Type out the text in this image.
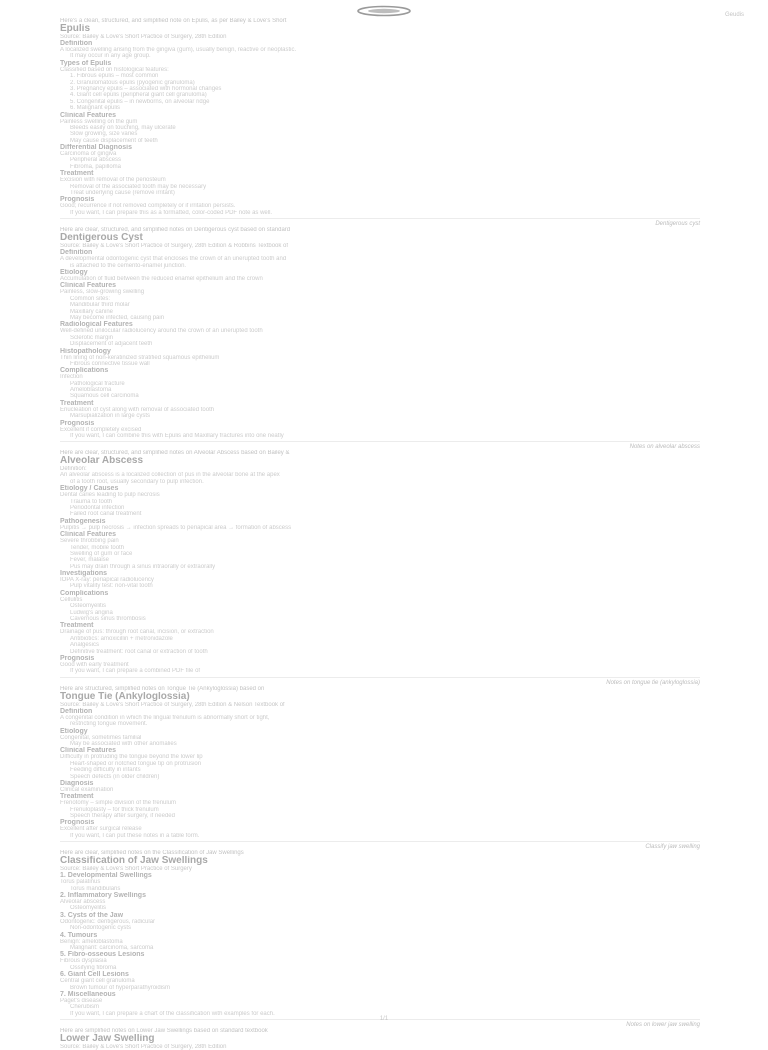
Geudis
Here's a clean, structured, and simplified note on Epulis, as per Bailey & Love's Short
Epulis
Source: Bailey & Love's Short Practice of Surgery, 28th Edition
Definition
A localized swelling arising from the gingiva (gum), usually benign, reactive or neoplastic.
It may occur in any age group.
Types of Epulis
Classified based on histological features:
1. Fibrous epulis – most common
2. Granulomatous epulis (pyogenic granuloma)
3. Pregnancy epulis – associated with hormonal changes
4. Giant cell epulis (peripheral giant cell granuloma)
5. Congenital epulis – in newborns, on alveolar ridge
6. Malignant epulis
Clinical Features
Painless swelling on the gum
Bleeds easily on touching, may ulcerate
Slow growing, size varies
May cause displacement of teeth
Differential Diagnosis
Carcinoma of gingiva
Peripheral abscess
Fibroma, papilloma
Treatment
Excision with removal of the periosteum
Removal of the associated tooth may be necessary
Treat underlying cause (remove irritant)
Prognosis
Good; recurrence if not removed completely or if irritation persists.
If you want, I can prepare this as a formatted, color-coded PDF note as well.
Dentigerous cyst
Here are clear, structured, and simplified notes on Dentigerous cyst based on standard
Dentigerous Cyst
Source: Bailey & Love's Short Practice of Surgery, 28th Edition & Robbins Textbook of
Definition
A developmental odontogenic cyst that encloses the crown of an unerupted tooth and
is attached to the cemento-enamel junction.
Etiology
Accumulation of fluid between the reduced enamel epithelium and the crown
Clinical Features
Painless, slow-growing swelling
Common sites:
Mandibular third molar
Maxillary canine
May become infected, causing pain
Radiological Features
Well-defined unilocular radiolucency around the crown of an unerupted tooth
Sclerotic margin
Displacement of adjacent teeth
Histopathology
Thin lining of non-keratinized stratified squamous epithelium
Fibrous connective tissue wall
Complications
Infection
Pathological fracture
Ameloblastoma
Squamous cell carcinoma
Treatment
Enucleation of cyst along with removal of associated tooth
Marsupialization in large cysts
Prognosis
Excellent if completely excised
If you want, I can combine this with Epulis and Maxillary fractures into one neatly
Notes on alveolar abscess
Here are clear, structured, and simplified notes on Alveolar Abscess based on Bailey &
Alveolar Abscess
Definition:
An alveolar abscess is a localized collection of pus in the alveolar bone at the apex
of a tooth root, usually secondary to pulp infection.
Etiology / Causes
Dental caries leading to pulp necrosis
Trauma to tooth
Periodontal infection
Failed root canal treatment
Pathogenesis
Pulpitis → pulp necrosis → infection spreads to periapical area → formation of abscess
Clinical Features
Severe throbbing pain
Tender, mobile tooth
Swelling of gum or face
Fever, malaise
Pus may drain through a sinus intraorally or extraorally
Investigations
IOPA X-ray: periapical radiolucency
Pulp vitality test: non-vital tooth
Complications
Cellulitis
Osteomyelitis
Ludwig's angina
Cavernous sinus thrombosis
Treatment
Drainage of pus: through root canal, incision, or extraction
Antibiotics: amoxicillin + metronidazole
Analgesics
Definitive treatment: root canal or extraction of tooth
Prognosis
Good with early treatment
If you want, I can prepare a combined PDF file of
Notes on tongue tie (ankyloglossia)
Here are structured, simplified notes on Tongue Tie (Ankyloglossia) based on
Tongue Tie (Ankyloglossia)
Source: Bailey & Love's Short Practice of Surgery, 28th Edition & Nelson Textbook of
Definition
A congenital condition in which the lingual frenulum is abnormally short or tight,
restricting tongue movement.
Etiology
Congenital, sometimes familial
May be associated with other anomalies
Clinical Features
Difficulty in protruding the tongue beyond the lower lip
Heart-shaped or notched tongue tip on protrusion
Feeding difficulty in infants
Speech defects (in older children)
Diagnosis
Clinical examination
Treatment
Frenotomy – simple division of the frenulum
Frenuloplasty – for thick frenulum
Speech therapy after surgery, if needed
Prognosis
Excellent after surgical release
If you want, I can put these notes in a table form.
Classify jaw swelling
Here are clear, simplified notes on the Classification of Jaw Swellings
Classification of Jaw Swellings
Source: Bailey & Love's Short Practice of Surgery
1. Developmental Swellings
Torus palatinus
Torus mandibularis
2. Inflammatory Swellings
Alveolar abscess
Osteomyelitis
3. Cysts of the Jaw
Odontogenic: dentigerous, radicular
Non-odontogenic cysts
4. Tumours
Benign: ameloblastoma
Malignant: carcinoma, sarcoma
5. Fibro-osseous Lesions
Fibrous dysplasia
Ossifying fibroma
6. Giant Cell Lesions
Central giant cell granuloma
Brown tumour of hyperparathyroidism
7. Miscellaneous
Paget's disease
Cherubism
If you want, I can prepare a chart of the classification with examples for each.
Notes on lower jaw swelling
Here are simplified notes on Lower Jaw Swellings based on standard textbook
Lower Jaw Swelling
Source: Bailey & Love's Short Practice of Surgery, 28th Edition
1/1
